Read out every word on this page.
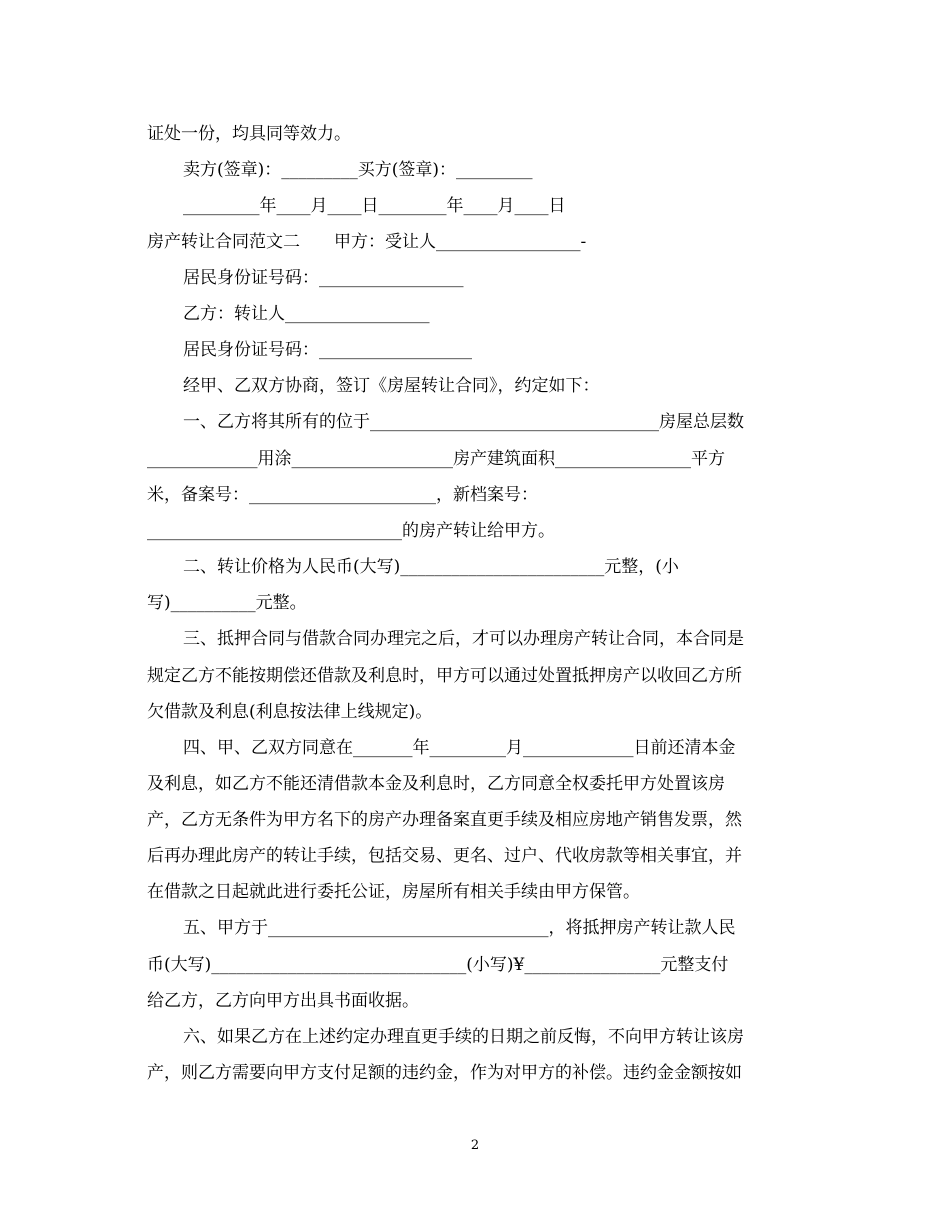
证处一份，均具同等效力。
卖方(签章)：_________买方(签章)：_________
_________年____月____日________年____月____日
房产转让合同范文二　　甲方：受让人_________________-
居民身份证号码：_________________
乙方：转让人_________________
居民身份证号码：__________________
经甲、乙双方协商，签订《房屋转让合同》，约定如下：
一、乙方将其所有的位于__________________________________房屋总层数
_____________用涂___________________房产建筑面积________________平方
米，备案号：______________________，新档案号：
______________________________的房产转让给甲方。
二、转让价格为人民币(大写)________________________元整，(小
写)__________元整。
三、抵押合同与借款合同办理完之后，才可以办理房产转让合同，本合同是
规定乙方不能按期偿还借款及利息时，甲方可以通过处置抵押房产以收回乙方所
欠借款及利息(利息按法律上线规定)。
四、甲、乙双方同意在_______年_________月_____________日前还清本金
及利息，如乙方不能还清借款本金及利息时，乙方同意全权委托甲方处置该房
产，乙方无条件为甲方名下的房产办理备案直更手续及相应房地产销售发票，然
后再办理此房产的转让手续，包括交易、更名、过户、代收房款等相关事宜，并
在借款之日起就此进行委托公证，房屋所有相关手续由甲方保管。
五、甲方于_________________________________，将抵押房产转让款人民
币(大写)______________________________(小写)¥________________元整支付
给乙方，乙方向甲方出具书面收据。
六、如果乙方在上述约定办理直更手续的日期之前反悔，不向甲方转让该房
产，则乙方需要向甲方支付足额的违约金，作为对甲方的补偿。违约金金额按如
2
